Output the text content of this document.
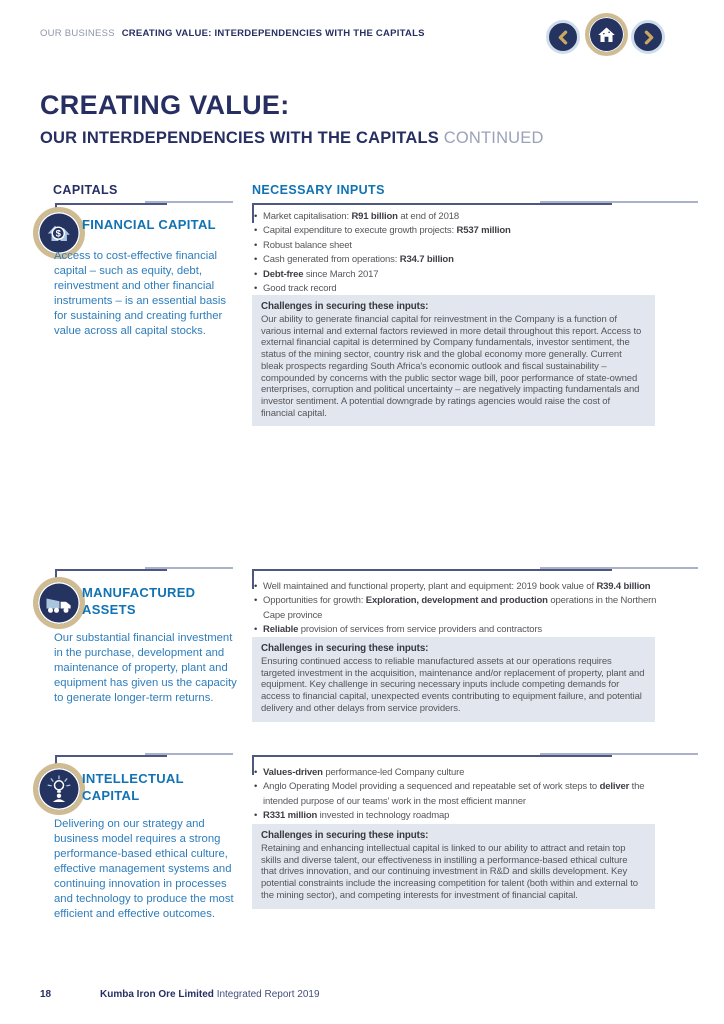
OUR BUSINESS CREATING VALUE: INTERDEPENDENCIES WITH THE CAPITALS
CREATING VALUE:
OUR INTERDEPENDENCIES WITH THE CAPITALS CONTINUED
CAPITALS	NECESSARY INPUTS
$
FINANCIAL CAPITAL

Access to cost-effective financial capital – such as equity, debt, reinvestment and other financial instruments – is an essential basis for sustaining and creating further value across all capital stocks.

• Market capitalisation: R91 billion at end of 2018
• Capital expenditure to execute growth projects: R537 million
• Robust balance sheet
• Cash generated from operations: R34.7 billion
• Debt-free since March 2017
• Good track record
Challenges in securing these inputs:

Our ability to generate financial capital for reinvestment in the Company is a function of various internal and external factors reviewed in more detail throughout this report. Access to external financial capital is determined by Company fundamentals, investor sentiment, the status of the mining sector, country risk and the global economy more generally. Current bleak prospects regarding South Africa's economic outlook and fiscal sustainability – compounded by concerns with the public sector wage bill, poor performance of state-owned enterprises, corruption and political uncertainty – are negatively impacting fundamentals and investor sentiment. A potential downgrade by ratings agencies would raise the cost of financial capital.

MANUFACTURED ASSETS

Our substantial financial investment in the purchase, development and maintenance of property, plant and equipment has given us the capacity to generate longer-term returns.

• Well maintained and functional property, plant and equipment: 2019 book value of R39.4 billion
• Opportunities for growth: Exploration, development and production operations in the Northern Cape province
• Reliable provision of services from service providers and contractors
Challenges in securing these inputs:

Ensuring continued access to reliable manufactured assets at our operations requires targeted investment in the acquisition, maintenance and/or replacement of property, plant and equipment. Key challenge in securing necessary inputs include competing demands for access to financial capital, unexpected events contributing to equipment failure, and potential delivery and other delays from service providers.

INTELLECTUAL CAPITAL

Delivering on our strategy and business model requires a strong performance-based ethical culture, effective management systems and continuing innovation in processes and technology to produce the most efficient and effective outcomes.

• Values-driven performance-led Company culture
• Anglo Operating Model providing a sequenced and repeatable set of work steps to deliver the intended purpose of our teams' work in the most efficient manner
• R331 million invested in technology roadmap
Challenges in securing these inputs:

Retaining and enhancing intellectual capital is linked to our ability to attract and retain top skills and diverse talent, our effectiveness in instilling a performance-based ethical culture that drives innovation, and our continuing investment in R&D and skills development. Key potential constraints include the increasing competition for talent (both within and external to the mining sector), and competing interests for investment of financial capital.

18	Kumba Iron Ore Limited Integrated Report 2019
